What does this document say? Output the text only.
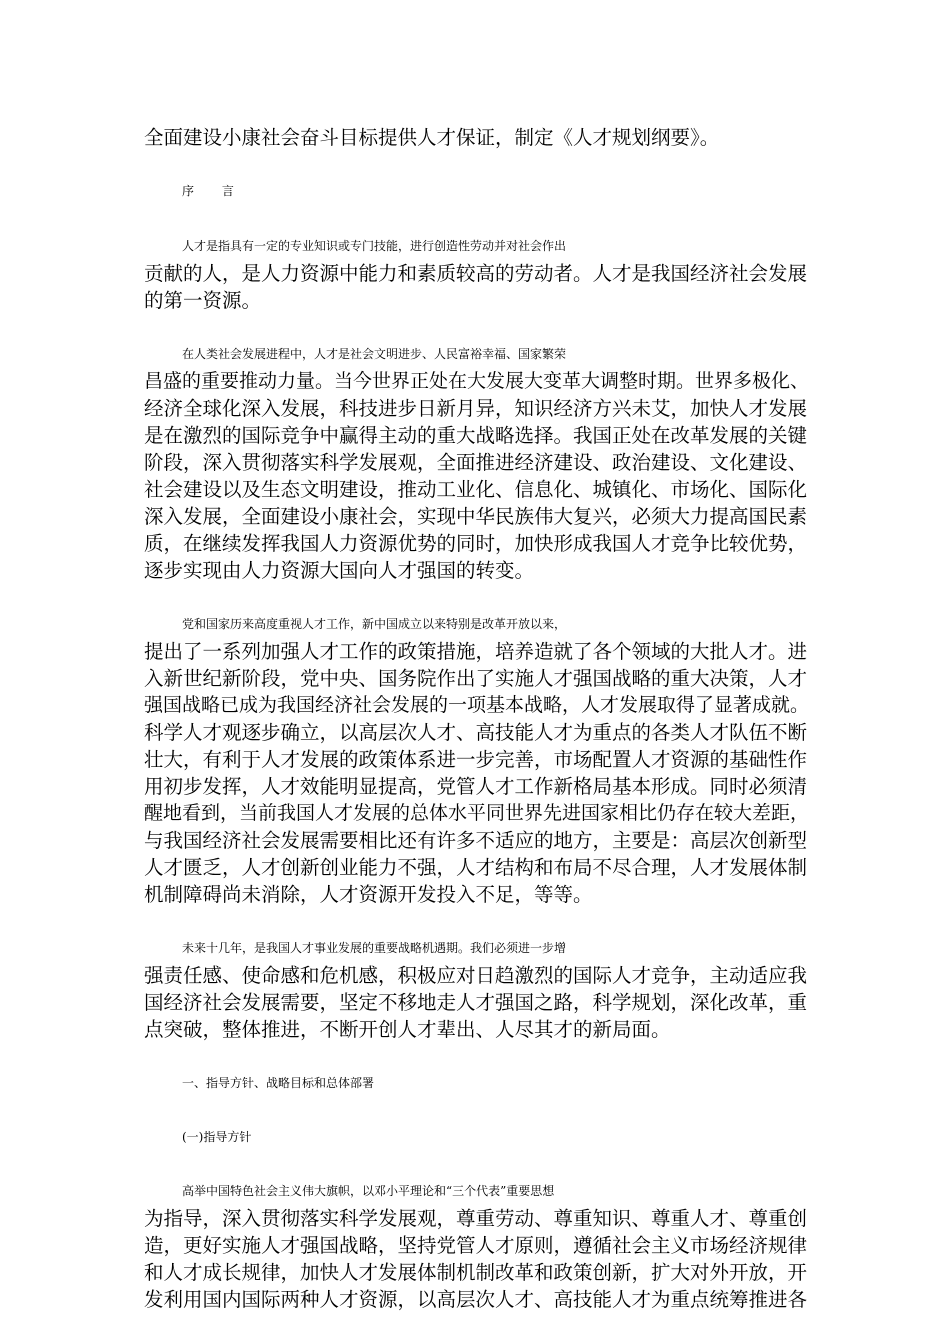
全面建设小康社会奋斗目标提供人才保证，制定《人才规划纲要》。
序 言
人才是指具有一定的专业知识或专门技能，进行创造性劳动并对社会作出
贡献的人，是人力资源中能力和素质较高的劳动者。人才是我国经济社会发展
的第一资源。
在人类社会发展进程中，人才是社会文明进步、人民富裕幸福、国家繁荣
昌盛的重要推动力量。当今世界正处在大发展大变革大调整时期。世界多极化、
经济全球化深入发展，科技进步日新月异，知识经济方兴未艾，加快人才发展
是在激烈的国际竞争中赢得主动的重大战略选择。我国正处在改革发展的关键
阶段，深入贯彻落实科学发展观，全面推进经济建设、政治建设、文化建设、
社会建设以及生态文明建设，推动工业化、信息化、城镇化、市场化、国际化
深入发展，全面建设小康社会，实现中华民族伟大复兴，必须大力提高国民素
质，在继续发挥我国人力资源优势的同时，加快形成我国人才竞争比较优势，
逐步实现由人力资源大国向人才强国的转变。
党和国家历来高度重视人才工作，新中国成立以来特别是改革开放以来，
提出了一系列加强人才工作的政策措施，培养造就了各个领域的大批人才。进
入新世纪新阶段，党中央、国务院作出了实施人才强国战略的重大决策，人才
强国战略已成为我国经济社会发展的一项基本战略，人才发展取得了显著成就。
科学人才观逐步确立，以高层次人才、高技能人才为重点的各类人才队伍不断
壮大，有利于人才发展的政策体系进一步完善，市场配置人才资源的基础性作
用初步发挥，人才效能明显提高，党管人才工作新格局基本形成。同时必须清
醒地看到，当前我国人才发展的总体水平同世界先进国家相比仍存在较大差距，
与我国经济社会发展需要相比还有许多不适应的地方，主要是：高层次创新型
人才匮乏，人才创新创业能力不强，人才结构和布局不尽合理，人才发展体制
机制障碍尚未消除，人才资源开发投入不足，等等。
未来十几年，是我国人才事业发展的重要战略机遇期。我们必须进一步增
强责任感、使命感和危机感，积极应对日趋激烈的国际人才竞争，主动适应我
国经济社会发展需要，坚定不移地走人才强国之路，科学规划，深化改革，重
点突破，整体推进，不断开创人才辈出、人尽其才的新局面。
一、指导方针、战略目标和总体部署
(一)指导方针
高举中国特色社会主义伟大旗帜，以邓小平理论和“三个代表”重要思想
为指导，深入贯彻落实科学发展观，尊重劳动、尊重知识、尊重人才、尊重创
造，更好实施人才强国战略，坚持党管人才原则，遵循社会主义市场经济规律
和人才成长规律，加快人才发展体制机制改革和政策创新，扩大对外开放，开
发利用国内国际两种人才资源，以高层次人才、高技能人才为重点统筹推进各
